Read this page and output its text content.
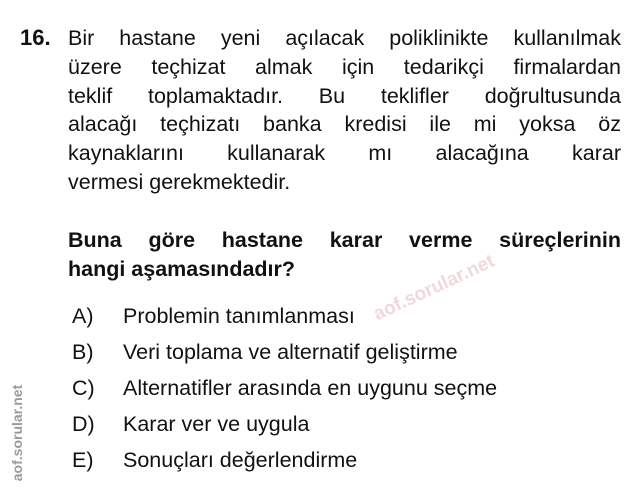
aof.sorular.net
aof.sorular.net
16. Bir hastane yeni açılacak poliklinikte kullanılmak
üzere teçhizat almak için tedarikçi firmalardan
teklif toplamaktadır. Bu teklifler doğrultusunda
alacağı teçhizatı banka kredisi ile mi yoksa öz
kaynaklarını kullanarak mı alacağına karar
vermesi gerekmektedir.
Buna göre hastane karar verme süreçlerinin
hangi aşamasındadır?
A)	Problemin tanımlanması
B)	Veri toplama ve alternatif geliştirme
C)	Alternatifler arasında en uygunu seçme
D)	Karar ver ve uygula
E)	Sonuçları değerlendirme
